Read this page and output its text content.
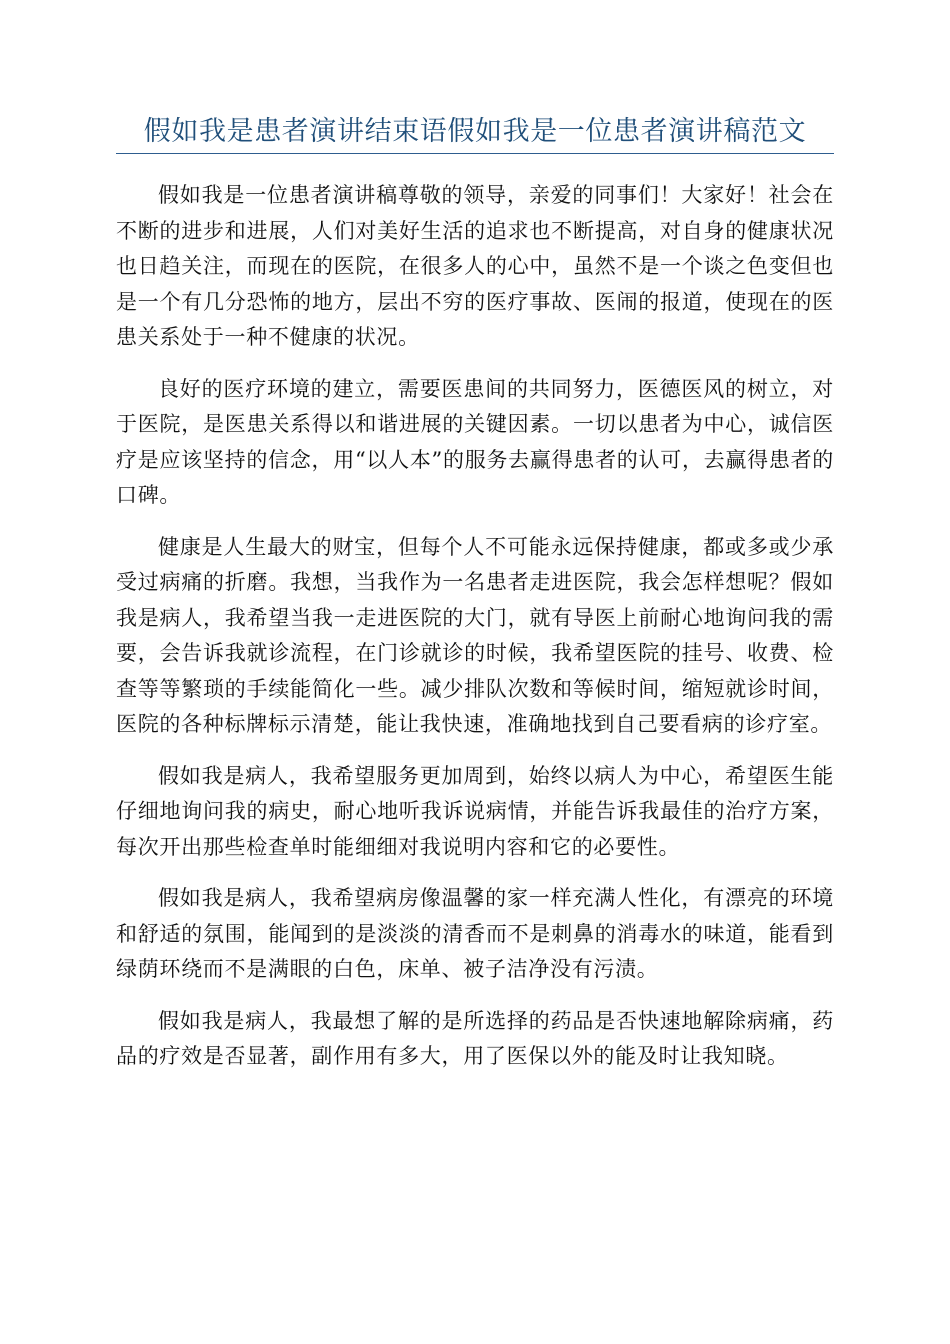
假如我是患者演讲结束语假如我是一位患者演讲稿范文

假如我是一位患者演讲稿尊敬的领导，亲爱的同事们！大家好！社会在不断的进步和进展，人们对美好生活的追求也不断提高，对自身的健康状况也日趋关注，而现在的医院，在很多人的心中，虽然不是一个谈之色变但也是一个有几分恐怖的地方，层出不穷的医疗事故、医闹的报道，使现在的医患关系处于一种不健康的状况。

良好的医疗环境的建立，需要医患间的共同努力，医德医风的树立，对于医院，是医患关系得以和谐进展的关键因素。一切以患者为中心，诚信医疗是应该坚持的信念，用“以人本”的服务去赢得患者的认可，去赢得患者的口碑。

健康是人生最大的财宝，但每个人不可能永远保持健康，都或多或少承受过病痛的折磨。我想，当我作为一名患者走进医院，我会怎样想呢？假如我是病人，我希望当我一走进医院的大门，就有导医上前耐心地询问我的需要，会告诉我就诊流程，在门诊就诊的时候，我希望医院的挂号、收费、检查等等繁琐的手续能简化一些。减少排队次数和等候时间，缩短就诊时间，医院的各种标牌标示清楚，能让我快速，准确地找到自己要看病的诊疗室。

假如我是病人，我希望服务更加周到，始终以病人为中心，希望医生能仔细地询问我的病史，耐心地听我诉说病情，并能告诉我最佳的治疗方案，每次开出那些检查单时能细细对我说明内容和它的必要性。

假如我是病人，我希望病房像温馨的家一样充满人性化，有漂亮的环境和舒适的氛围，能闻到的是淡淡的清香而不是刺鼻的消毒水的味道，能看到绿荫环绕而不是满眼的白色，床单、被子洁净没有污渍。

假如我是病人，我最想了解的是所选择的药品是否快速地解除病痛，药品的疗效是否显著，副作用有多大，用了医保以外的能及时让我知晓。
